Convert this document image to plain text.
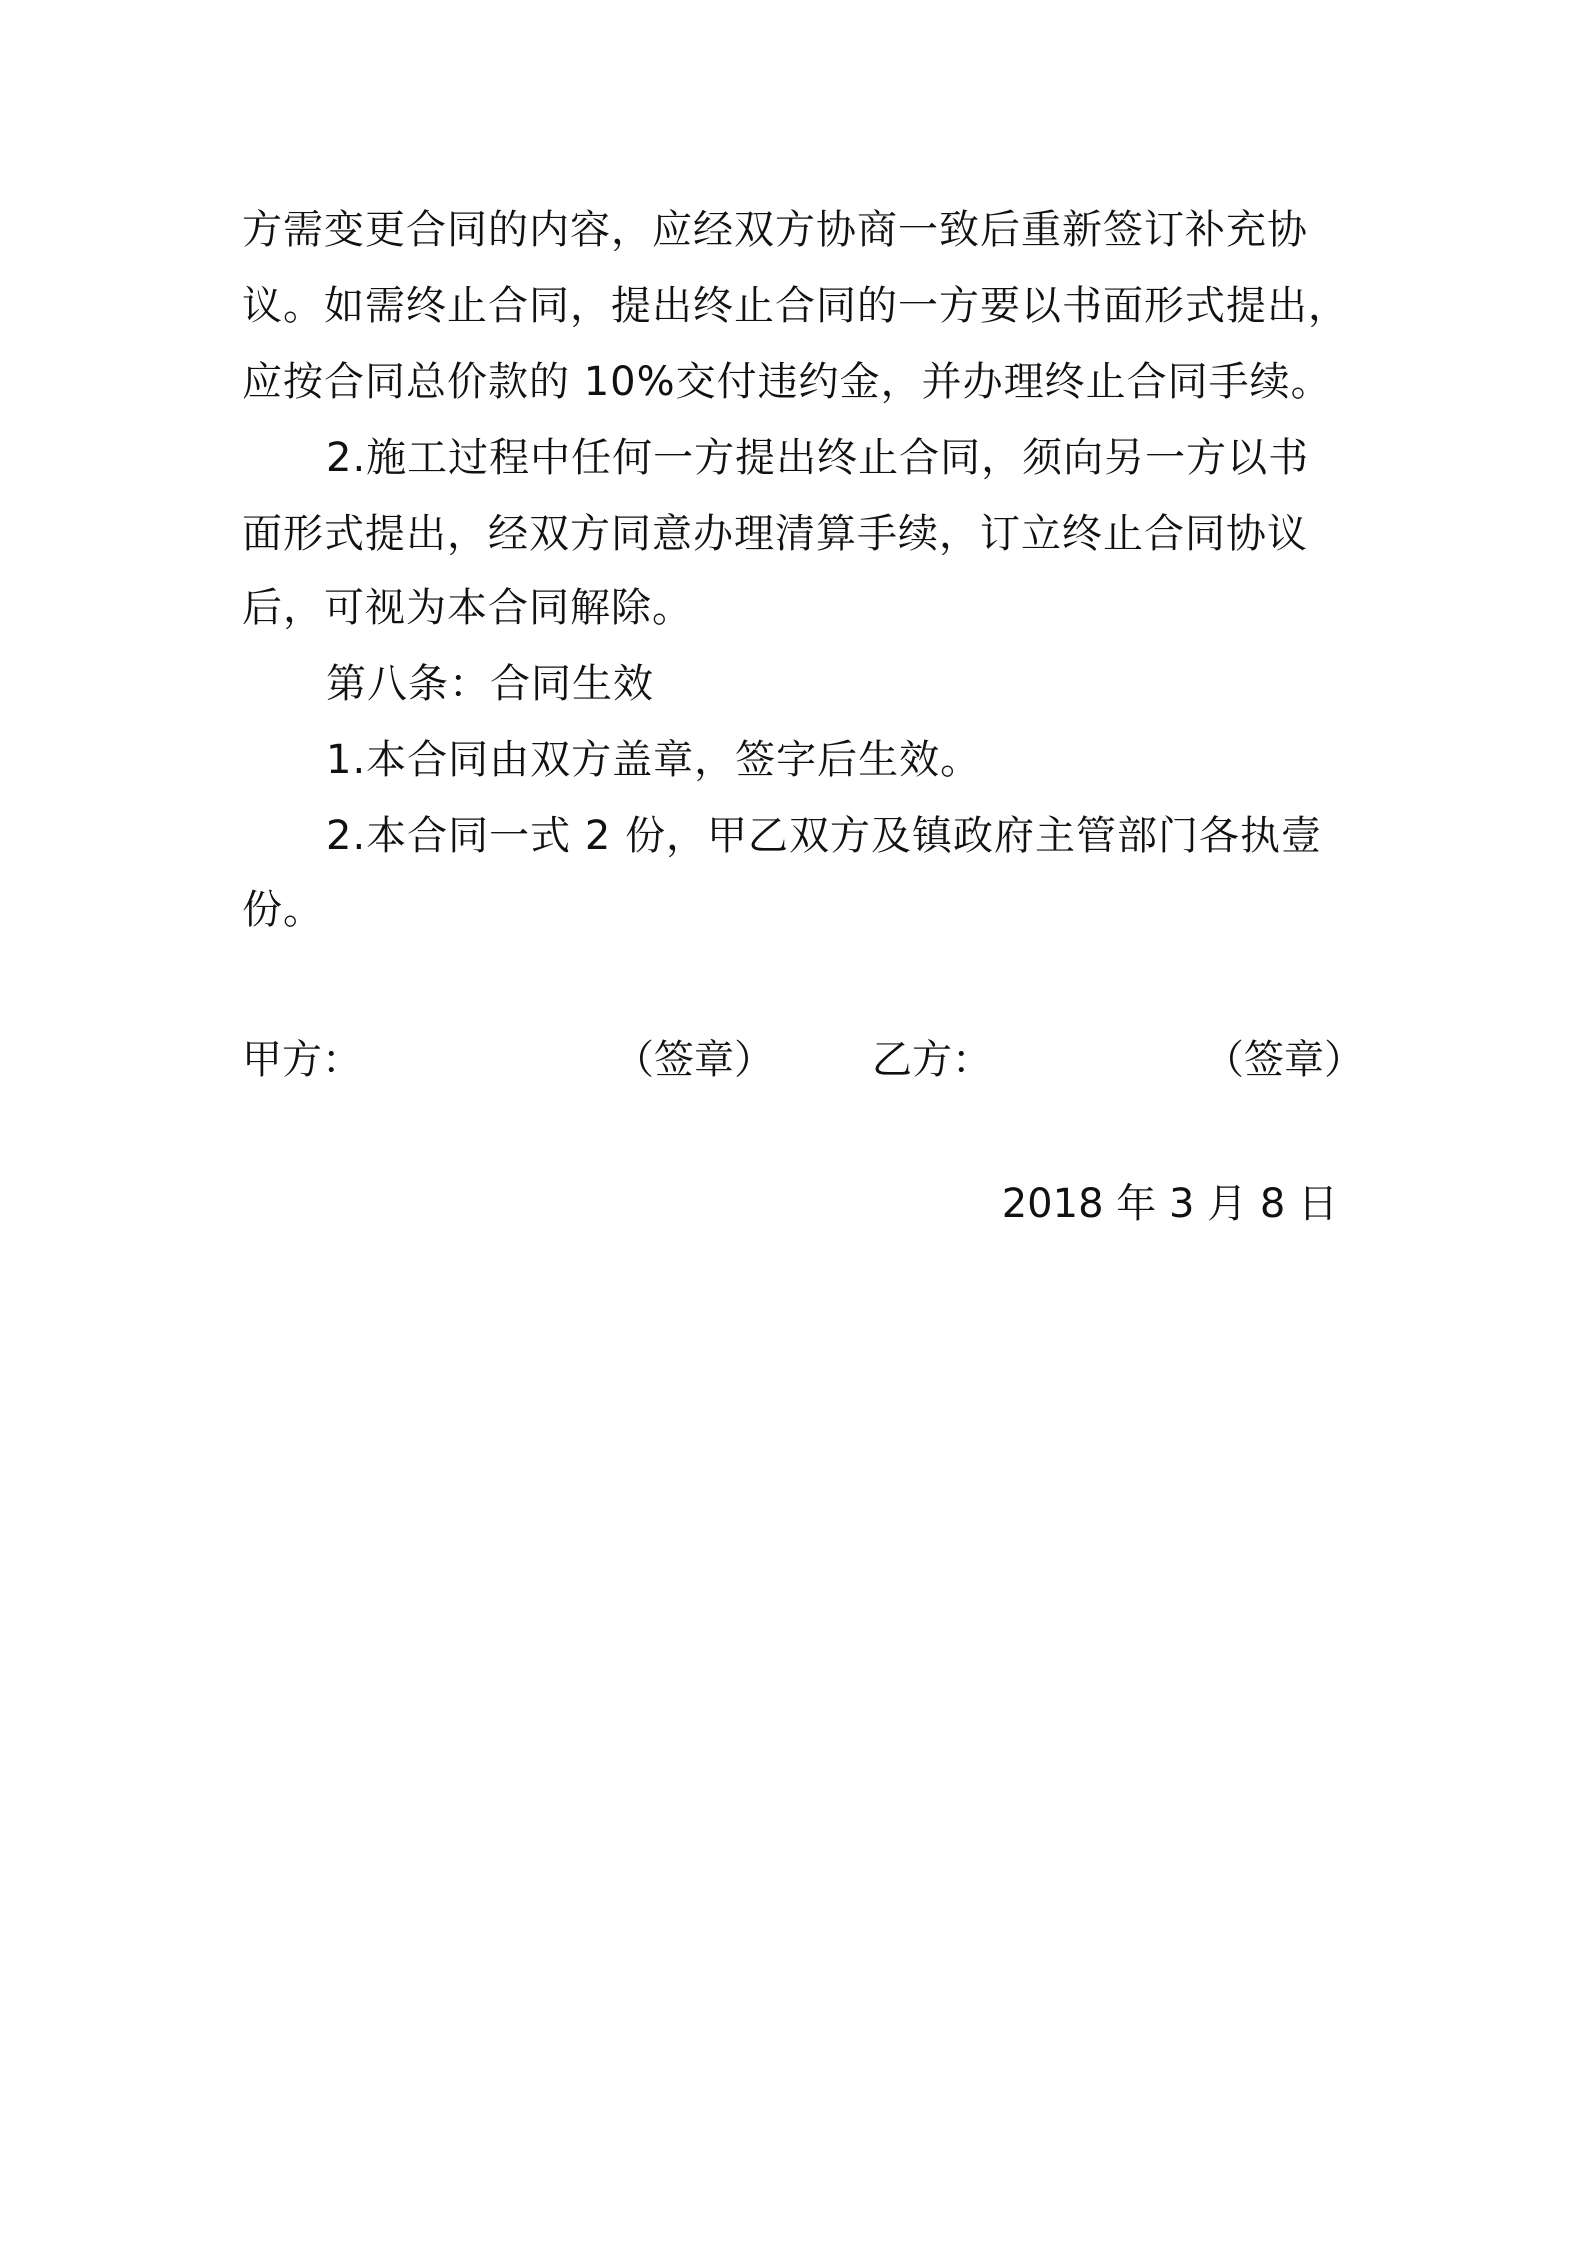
方需变更合同的内容，应经双方协商一致后重新签订补充协
议。如需终止合同，提出终止合同的一方要以书面形式提出，
应按合同总价款的 10%交付违约金，并办理终止合同手续。
2.施工过程中任何一方提出终止合同，须向另一方以书
面形式提出，经双方同意办理清算手续，订立终止合同协议
后，可视为本合同解除。
第八条：合同生效
1.本合同由双方盖章，签字后生效。
2.本合同一式 2 份，甲乙双方及镇政府主管部门各执壹
份。
甲方：	（签章） 乙方：	（签章）
2018 年 3 月 8 日
